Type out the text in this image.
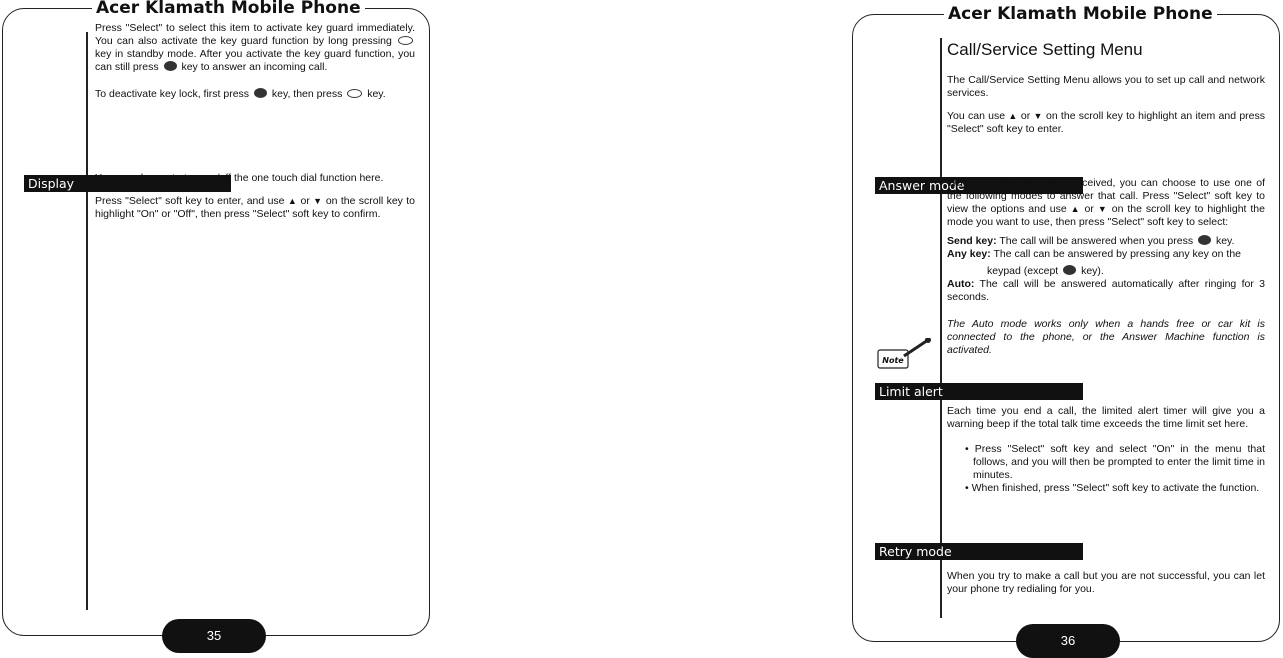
Acer Klamath Mobile Phone

Press "Select" to select this item to activate key guard immediately. You can also activate the key guard function by long pressing  key in standby mode. After you activate the key guard function, you can still press key to answer an incoming call.

To deactivate key lock, first press key, then press key.

Display	You can choose to turn on/off the one touch dial function here.

Press "Select" soft key to enter, and use ▲ or ▼ on the scroll key to highlight "On" or "Off", then press "Select" soft key to confirm.

35
Acer Klamath Mobile Phone
Call/Service Setting Menu

The Call/Service Setting Menu allows you to set up call and network services.

You can use ▲ or ▼ on the scroll key to highlight an item and press "Select" soft key to enter.

Answer mode

When an incoming call is received, you can choose to use one of the following modes to answer that call. Press "Select" soft key to view the options and use ▲ or ▼ on the scroll key to highlight the mode you want to use, then press "Select" soft key to select:

Send key: The call will be answered when you press key.

Any key: The call can be answered by pressing any key on the

keypad (except key).

Auto: The call will be answered automatically after ringing for 3 seconds.

The Auto mode works only when a hands free or car kit is connected to the phone, or the Answer Machine function is activated.

Note
Limit alert

Each time you end a call, the limited alert timer will give you a warning beep if the total talk time exceeds the time limit set here.

• Press "Select" soft key and select "On" in the menu that follows, and you will then be prompted to enter the limit time in minutes.
• When finished, press "Select" soft key to activate the function.
Retry mode

When you try to make a call but you are not successful, you can let your phone try redialing for you.

36
